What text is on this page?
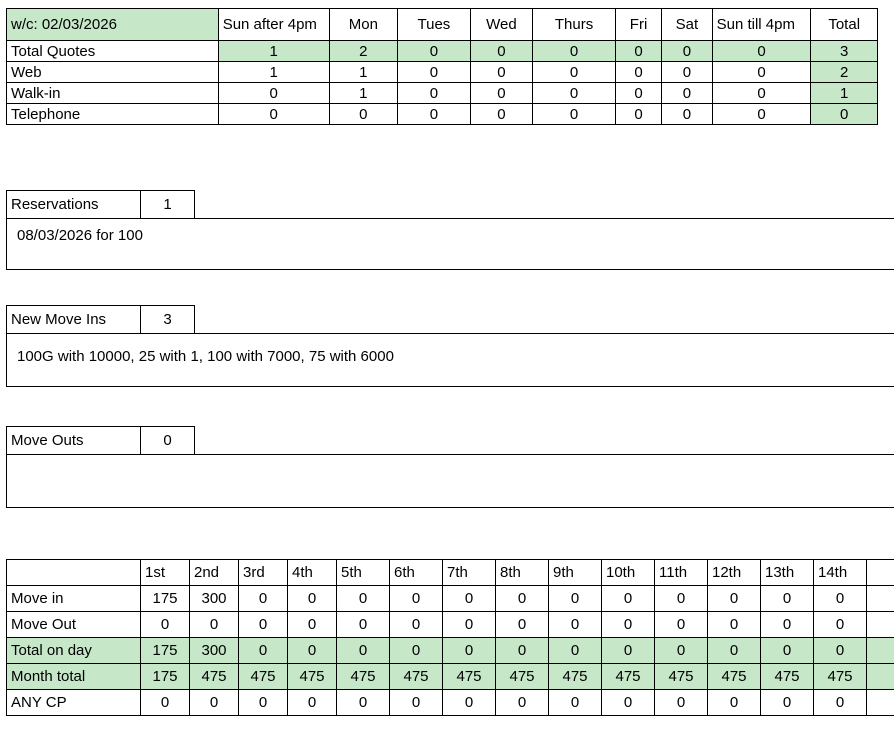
w/c: 02/03/2026	Sun after 4pm	Mon	Tues	Wed	Thurs	Fri	Sat	Sun till 4pm	Total
Total Quotes	1	2	0	0	0	0	0	0	3
Web	1	1	0	0	0	0	0	0	2
Walk-in	0	1	0	0	0	0	0	0	1
Telephone	0	0	0	0	0	0	0	0	0
Reservations	1
08/03/2026 for 100
New Move Ins	3
100G with 10000, 25 with 1, 100 with 7000, 75 with 6000
Move Outs	0
	1st	2nd	3rd	4th	5th	6th	7th	8th	9th	10th	11th	12th	13th	14th	
Move in	175	300	0	0	0	0	0	0	0	0	0	0	0	0	
Move Out	0	0	0	0	0	0	0	0	0	0	0	0	0	0	
Total on day	175	300	0	0	0	0	0	0	0	0	0	0	0	0	
Month total	175	475	475	475	475	475	475	475	475	475	475	475	475	475	
ANY CP	0	0	0	0	0	0	0	0	0	0	0	0	0	0	
